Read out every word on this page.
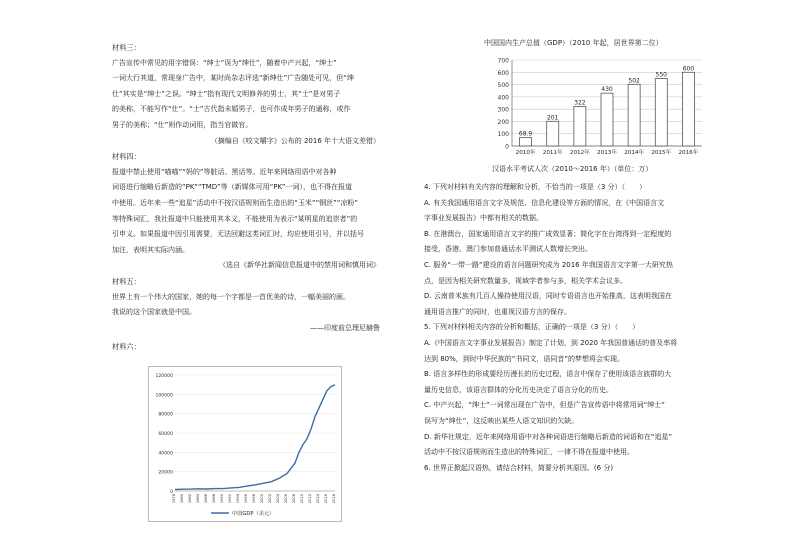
材料三：

广告宣传中常见的用字错误：“绅士”误为“绅仕”，随着中产兴起，“绅士”

一词大行其道，常现身广告中，某时尚杂志评选“新绅仕”广告随处可见，但“绅

仕”其实是“绅士”之误。“绅士”指有现代文明修养的男士，其“士”是对男子

的美称，不能写作“仕”。“士”古代指未婚男子，也可作成年男子的通称，或作

男子的美称；“仕”则作动词用，指当官做官。

（摘编自《咬文嚼字》公布的 2016 年十大语文差错）

材料四：

报道中禁止使用“喵喵”“妈的”等脏话、黑话等。近年来网络用语中对各种

词语进行缩略后新造的“PK”“TMD”等（新媒体可用“PK”一词），也不得在报道

中使用。近年来一些“追星”活动中不按汉语规则而生造出的“玉米”“钢丝”“凉粉”

等特殊词汇，我社报道中只能使用其本义，不能使用为表示“某明星的追崇者”的

引申义。如果报道中因引用需要，无法回避这类词汇时，均应使用引号，并以括号

加注，表明其实际内涵。

（选自《新华社新闻信息报道中的禁用词和慎用词》

材料五：

世界上有一个伟大的国家，她的每一个字都是一首优美的诗，一幅美丽的画。

我说的这个国家就是中国。

——印度前总理尼赫鲁

材料六：

120000
100000
80000
60000
40000
20000
0
1978 1980 1982 1984 1986 1988 1990 1992 1994 1996 1998 2000 2002 2004 2006 2008 2010 2012 2014 2016 2018
中国GDP（美元）
中国国内生产总值（GDP）（2010 年起，居世界第二位）
700
600
500
400
300
200
100
0
68.9
2010年
201
2011年
322
2012年
430
2013年
502
2014年
550
2015年
600
2016年
汉语水平考试人次（2010～2016 年）（单位：万）

4. 下列对材料有关内容的理解和分析，不恰当的一项是（3 分）（　　）

A. 有关我国通用语言文字及规范、信息化建设等方面的情况，在《中国语言文

字事业发展报告》中都有相关的数据。

B. 在港澳台，国家通用语言文字的推广成效显著；简化字在台湾得到一定程度的

接受，香港、澳门参加普通话水平测试人数增长突出。

C. 服务“一带一路”建设的语言问题研究成为 2016 年我国语言文字第一大研究热

点，是因为相关研究数量多，视域学者参与多，相关学术会议多。

D. 云南普米族有几百人操持使用汉语，同时专语语言也开始推高，这表明我国在

通用语言推广的同时，也重视汉语方言的保存。

5. 下列对材料相关内容的分析和概括，正确的一项是（3 分）（　　）

A.《中国语言文字事业发展报告》制定了计划，到 2020 年我国普通话的普及率将

达到 80%，到时中华民族的“书同文，语同音”的梦想将会实现。

B. 语言多样性的形成要经历漫长的历史过程，语言中保存了使用该语言族群的大

量历史信息，该语言群体的分化历史决定了语言分化的历史。

C. 中产兴起，“绅士”一词常出现在广告中，但是广告宣传语中将常用词“绅士”

误写为“绅仕”，这反映出某些人语文知识的欠缺。

D. 新华社规定，近年来网络用语中对各种词语进行缩略后新造的词语和在“追星”

活动中不按汉语规则而生造出的特殊词汇，一律不得在报道中使用。

6. 世界正掀起汉语热，请结合材料，简要分析其原因。(6 分)
